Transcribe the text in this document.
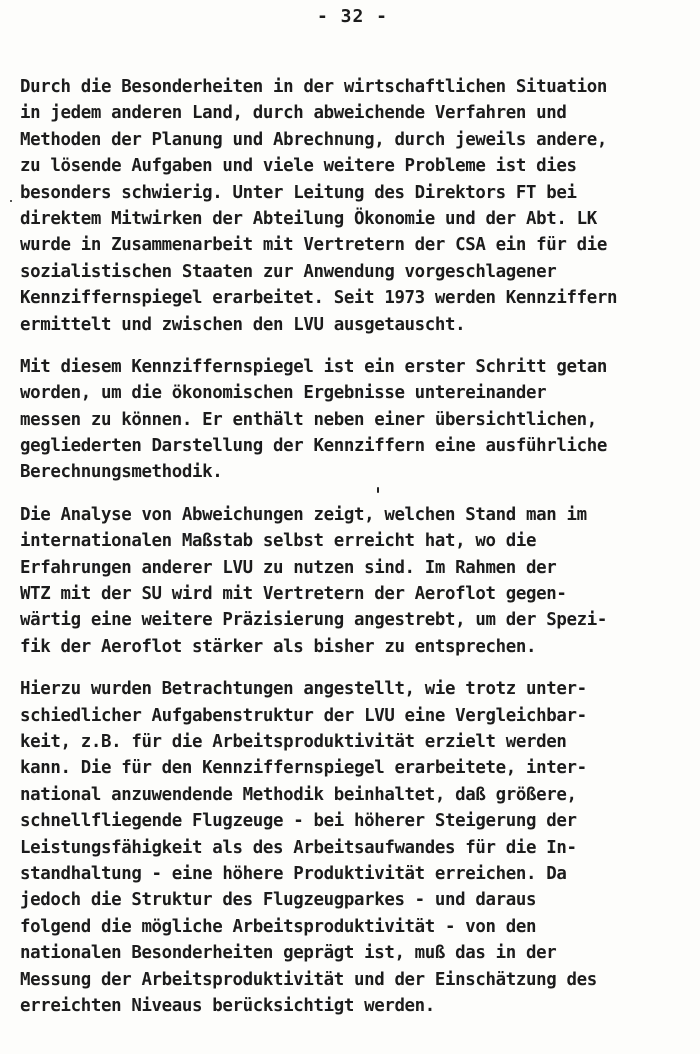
- 32 -
Durch die Besonderheiten in der wirtschaftlichen Situation
in jedem anderen Land, durch abweichende Verfahren und
Methoden der Planung und Abrechnung, durch jeweils andere,
zu lösende Aufgaben und viele weitere Probleme ist dies
besonders schwierig. Unter Leitung des Direktors FT bei
direktem Mitwirken der Abteilung Ökonomie und der Abt. LK
wurde in Zusammenarbeit mit Vertretern der CSA ein für die
sozialistischen Staaten zur Anwendung vorgeschlagener
Kennziffernspiegel erarbeitet. Seit 1973 werden Kennziffern
ermittelt und zwischen den LVU ausgetauscht.
Mit diesem Kennziffernspiegel ist ein erster Schritt getan
worden, um die ökonomischen Ergebnisse untereinander
messen zu können. Er enthält neben einer übersichtlichen,
gegliederten Darstellung der Kennziffern eine ausführliche
Berechnungsmethodik.
Die Analyse von Abweichungen zeigt, welchen Stand man im
internationalen Maßstab selbst erreicht hat, wo die
Erfahrungen anderer LVU zu nutzen sind. Im Rahmen der
WTZ mit der SU wird mit Vertretern der Aeroflot gegen-
wärtig eine weitere Präzisierung angestrebt, um der Spezi-
fik der Aeroflot stärker als bisher zu entsprechen.
Hierzu wurden Betrachtungen angestellt, wie trotz unter-
schiedlicher Aufgabenstruktur der LVU eine Vergleichbar-
keit, z.B. für die Arbeitsproduktivität erzielt werden
kann. Die für den Kennziffernspiegel erarbeitete, inter-
national anzuwendende Methodik beinhaltet, daß größere,
schnellfliegende Flugzeuge - bei höherer Steigerung der
Leistungsfähigkeit als des Arbeitsaufwandes für die In-
standhaltung - eine höhere Produktivität erreichen. Da
jedoch die Struktur des Flugzeugparkes - und daraus
folgend die mögliche Arbeitsproduktivität - von den
nationalen Besonderheiten geprägt ist, muß das in der
Messung der Arbeitsproduktivität und der Einschätzung des
erreichten Niveaus berücksichtigt werden.
